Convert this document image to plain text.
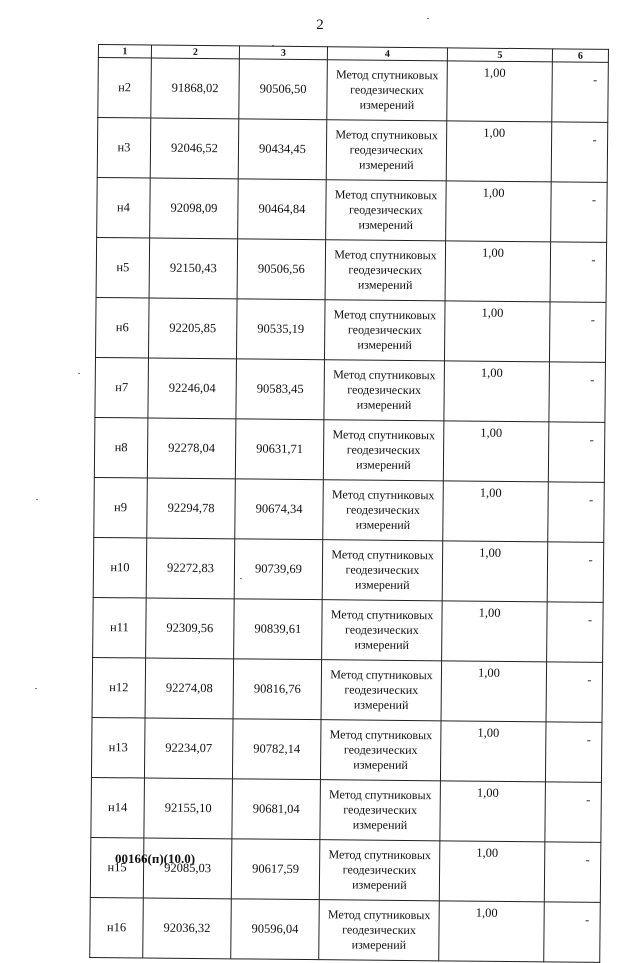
2
1	2	3	4	5	6
н2	91868,02	90506,50	Метод спутниковых геодезических измерений	1,00	-
н3	92046,52	90434,45	Метод спутниковых геодезических измерений	1,00	-
н4	92098,09	90464,84	Метод спутниковых геодезических измерений	1,00	-
н5	92150,43	90506,56	Метод спутниковых геодезических измерений	1,00	-
н6	92205,85	90535,19	Метод спутниковых геодезических измерений	1,00	-
н7	92246,04	90583,45	Метод спутниковых геодезических измерений	1,00	-
н8	92278,04	90631,71	Метод спутниковых геодезических измерений	1,00	-
н9	92294,78	90674,34	Метод спутниковых геодезических измерений	1,00	-
н10	92272,83	90739,69	Метод спутниковых геодезических измерений	1,00	-
н11	92309,56	90839,61	Метод спутниковых геодезических измерений	1,00	-
н12	92274,08	90816,76	Метод спутниковых геодезических измерений	1,00	-
н13	92234,07	90782,14	Метод спутниковых геодезических измерений	1,00	-
н14	92155,10	90681,04	Метод спутниковых геодезических измерений	1,00	-
н15	92085,03	90617,59	Метод спутниковых геодезических измерений	1,00	-
н16	92036,32	90596,04	Метод спутниковых геодезических измерений	1,00	-
00166(п)(10.0)
